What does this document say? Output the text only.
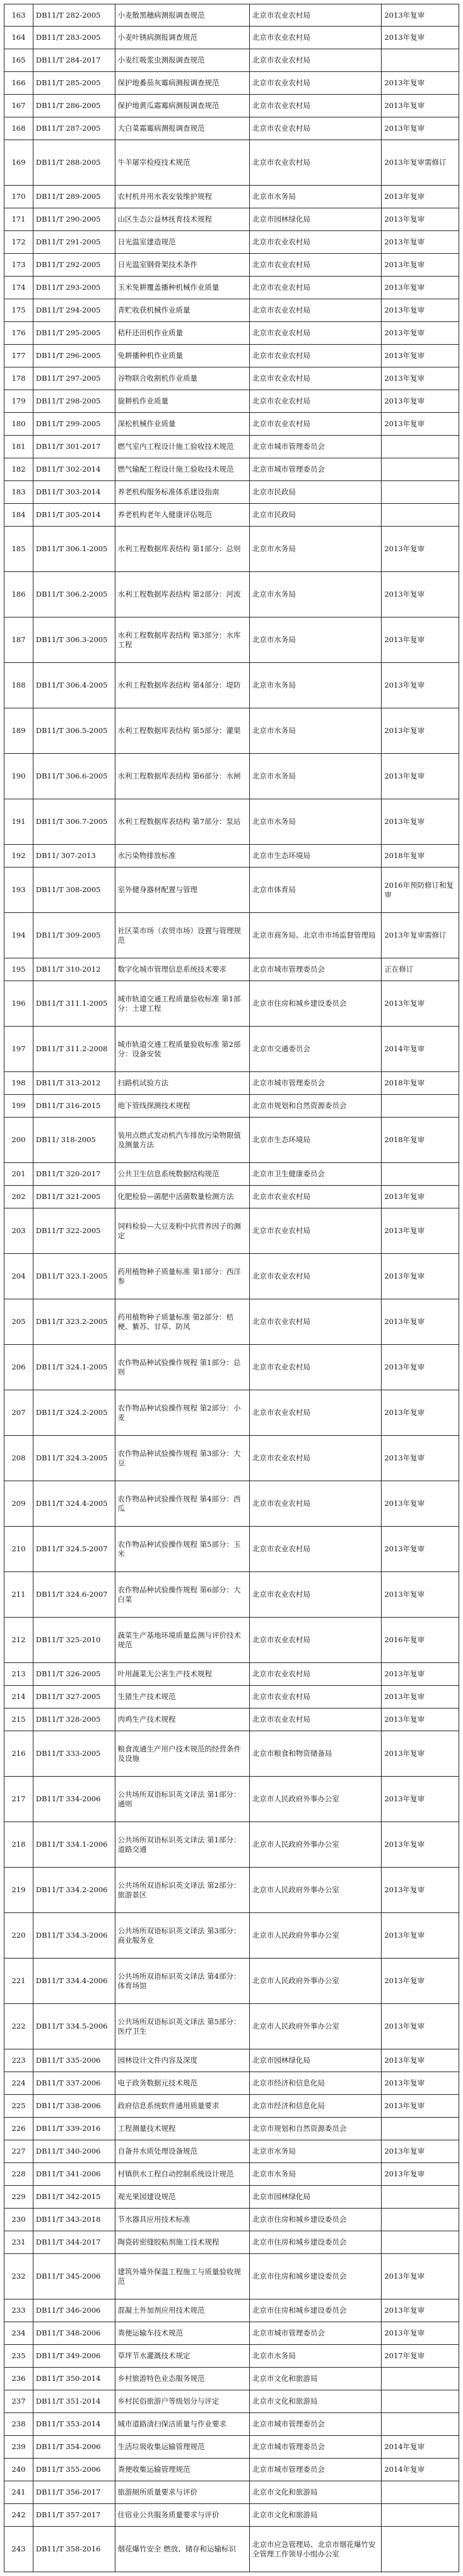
163 DB11/T 282-2005 小麦散黑穗病测报调查规范	北京市农业农村局	2013年复审
164 DB11/T 283-2005 小麦叶锈病测报调查规范	北京市农业农村局	2013年复审
165 DB11/T 284-2017 小麦红吸浆虫测报调查规范	北京市农业农村局
166 DB11/T 285-2005 保护地番茄灰霉病测报调查规范	北京市农业农村局	2013年复审
167 DB11/T 286-2005 保护地黄瓜霜霉病测报调查规范	北京市农业农村局	2013年复审
168 DB11/T 287-2005 大白菜霜霉病测报调查规范	北京市农业农村局	2013年复审
169 DB11/T 288-2005 牛羊屠宰检疫技术规范	北京市农业农村局	2013年复审需修订
170 DB11/T 289-2005 农村机井用水表安装维护规程	北京市水务局	2013年复审
171 DB11/T 290-2005 山区生态公益林抚育技术规程	北京市园林绿化局	2013年复审
172 DB11/T 291-2005 日光温室建造规范	北京市农业农村局	2013年复审
173 DB11/T 292-2005 日光温室钢骨架技术条件	北京市农业农村局	2013年复审
174 DB11/T 293-2005 玉米免耕覆盖播种机械作业质量	北京市农业农村局	2013年复审
175 DB11/T 294-2005 青贮收获机械作业质量	北京市农业农村局	2013年复审
176 DB11/T 295-2005 秸秆还田机作业质量	北京市农业农村局	2013年复审
177 DB11/T 296-2005 免耕播种机作业质量	北京市农业农村局	2013年复审
178 DB11/T 297-2005 谷物联合收割机作业质量	北京市农业农村局	2013年复审
179 DB11/T 298-2005 旋耕机作业质量	北京市农业农村局	2013年复审
180 DB11/T 299-2005 深松机械作业质量	北京市农业农村局	2013年复审
181 DB11/T 301-2017 燃气室内工程设计施工验收技术规范	北京市城市管理委员会
182 DB11/T 302-2014 燃气输配工程设计施工验收技术规范	北京市城市管理委员会
183 DB11/T 303-2014 养老机构服务标准体系建设指南	北京市民政局
184 DB11/T 305-2014 养老机构老年人健康评估规范	北京市民政局
185 DB11/T 306.1-2005 水利工程数据库表结构 第1部分：总则 北京市水务局	2013年复审
186 DB11/T 306.2-2005 水利工程数据库表结构 第2部分：河流 北京市水务局	2013年复审
187 DB11/T 306.3-2005
水利工程数据库表结构 第3部分：水库工程
北京市水务局	2013年复审
188 DB11/T 306.4-2005 水利工程数据库表结构 第4部分：堤防 北京市水务局	2013年复审
189 DB11/T 306.5-2005 水利工程数据库表结构 第5部分：灌渠 北京市水务局	2013年复审
190 DB11/T 306.6-2005 水利工程数据库表结构 第6部分：水闸 北京市水务局	2013年复审
191 DB11/T 306.7-2005 水利工程数据库表结构 第7部分：泵站 北京市水务局	2013年复审
192 DB11/ 307-2013	水污染物排放标准	北京市生态环境局	2018年复审
193 DB11/T 308-2005 室外健身器材配置与管理	北京市体育局
2016年预防修订和复审
194 DB11/T 309-2005
社区菜市场（农贸市场）设置与管理规范
北京市商务局、北京市市场监督管理局 2013年复审需修订
195 DB11/T 310-2012 数字化城市管理信息系统技术要求	北京市城市管理委员会	正在修订
196 DB11/T 311.1-2005
城市轨道交通工程质量验收标准 第1部分：土建工程
北京市住房和城乡建设委员会	2013年复审
197 DB11/T 311.2-2008
城市轨道交通工程质量验收标准 第2部分：设备安装
北京市交通委员会	2014年复审
198 DB11/T 313-2012 扫路机试验方法	北京市城市管理委员会	2018年复审
199 DB11/T 316-2015 地下管线探测技术规程	北京市规划和自然资源委员会
200 DB11/ 318-2005
装用点燃式发动机汽车排放污染物限值及测量方法
北京市生态环境局	2018年复审
201 DB11/T 320-2017 公共卫生信息系统数据结构规范	北京市卫生健康委员会
202 DB11/T 321-2005 化肥检验—菌肥中活菌数量检测方法	北京市农业农村局	2013年复审
203 DB11/T 322-2005
饲料检验—大豆麦粉中抗营养因子的测定
北京市农业农村局	2013年复审
204 DB11/T 323.1-2005
药用植物种子质量标准 第1部分：西洋参
北京市农业农村局	2013年复审
205 DB11/T 323.2-2005
药用植物种子质量标准 第2部分：桔梗、紫苏、甘草、防风
北京市农业农村局	2013年复审
206 DB11/T 324.1-2005
农作物品种试验操作规程 第1部分：总则
北京市农业农村局	2013年复审
207 DB11/T 324.2-2005
农作物品种试验操作规程 第2部分：小麦
北京市农业农村局	2013年复审
208 DB11/T 324.3-2005
农作物品种试验操作规程 第3部分：大豆
北京市农业农村局	2013年复审
209 DB11/T 324.4-2005
农作物品种试验操作规程 第4部分：西瓜
北京市农业农村局	2013年复审
210 DB11/T 324.5-2007
农作物品种试验操作规程 第5部分：玉米
北京市农业农村局	2013年复审
211 DB11/T 324.6-2007
农作物品种试验操作规程 第6部分：大白菜
北京市农业农村局	2013年复审
212 DB11/T 325-2010
蔬菜生产基地环境质量监测与评价技术规范
北京市农业农村局	2016年复审
213 DB11/T 326-2005 叶用蔬菜无公害生产技术规程	北京市农业农村局	2013年复审
214 DB11/T 327-2005 生猪生产技术规范	北京市农业农村局	2013年复审
215 DB11/T 328-2005 肉鸡生产技术规程	北京市农业农村局	2013年复审
216 DB11/T 333-2005
粮食流通生产用户技术规范的经营条件及设施
北京市粮食和物资储备局	2013年复审
217 DB11/T 334-2006
公共场所双语标识英文译法 第1部分：通则
北京市人民政府外事办公室	2013年复审
218 DB11/T 334.1-2006
公共场所双语标识英文译法 第1部分：道路交通
北京市人民政府外事办公室	2013年复审
219 DB11/T 334.2-2006
公共场所双语标识英文译法 第2部分：旅游景区
北京市人民政府外事办公室	2013年复审
220 DB11/T 334.3-2006
公共场所双语标识英文译法 第3部分：商业服务业
北京市人民政府外事办公室	2013年复审
221 DB11/T 334.4-2006
公共场所双语标识英文译法 第4部分：体育场馆
北京市人民政府外事办公室	2013年复审
222 DB11/T 334.5-2006
公共场所双语标识英文译法 第5部分：医疗卫生
北京市人民政府外事办公室	2013年复审
223 DB11/T 335-2006 园林设计文件内容及深度	北京市园林绿化局	2013年复审
224 DB11/T 337-2006 电子政务数据元技术规范	北京市经济和信息化局	2013年复审
225 DB11/T 338-2006 政府信息系统软件通用质量要求	北京市经济和信息化局	2013年复审
226 DB11/T 339-2016 工程测量技术规程	北京市规划和自然资源委员会
227 DB11/T 340-2006 自备井水质处理设备规范	北京市水务局	2013年复审
228 DB11/T 341-2006 村镇供水工程自动控制系统设计规范	北京市水务局	2013年复审
229 DB11/T 342-2015 观光果园建设规范	北京市园林绿化局
230 DB11/T 343-2018 节水器具应用技术标准	北京市住房和城乡建设委员会
231 DB11/T 344-2017 陶瓷砖密缝胶粘剂施工技术规程	北京市住房和城乡建设委员会
232 DB11/T 345-2006
建筑外墙外保温工程施工与质量验收规范
北京市住房和城乡建设委员会	2013年复审
233 DB11/T 346-2006 混凝土外加剂应用技术规范	北京市住房和城乡建设委员会	2013年复审
234 DB11/T 348-2006 粪便运输车技术规范	北京市城市管理委员会	2013年复审
235 DB11/T 349-2006 草坪节水灌溉技术规定	北京市水务局	2017年复审
236 DB11/T 350-2014 乡村旅游特色业态服务规范	北京市文化和旅游局
237 DB11/T 351-2014 乡村民俗旅游户等级划分与评定	北京市文化和旅游局
238 DB11/T 353-2014 城市道路清扫保洁质量与作业要求	北京市城市管理委员会
239 DB11/T 354-2006 生活垃圾收集运输管理规范	北京市城市管理委员会	2014年复审
240 DB11/T 355-2006 粪便收集运输管理规范	北京市城市管理委员会	2014年复审
241 DB11/T 356-2017 旅游厕所质量要求与评价	北京市文化和旅游局
242 DB11/T 357-2017 住宿业公共服务质量要求与评价	北京市文化和旅游局
243 DB11/T 358-2016 烟花爆竹安全 燃放、储存和运输标识
北京市应急管理局、北京市烟花爆竹安全管理工作领导小组办公室
